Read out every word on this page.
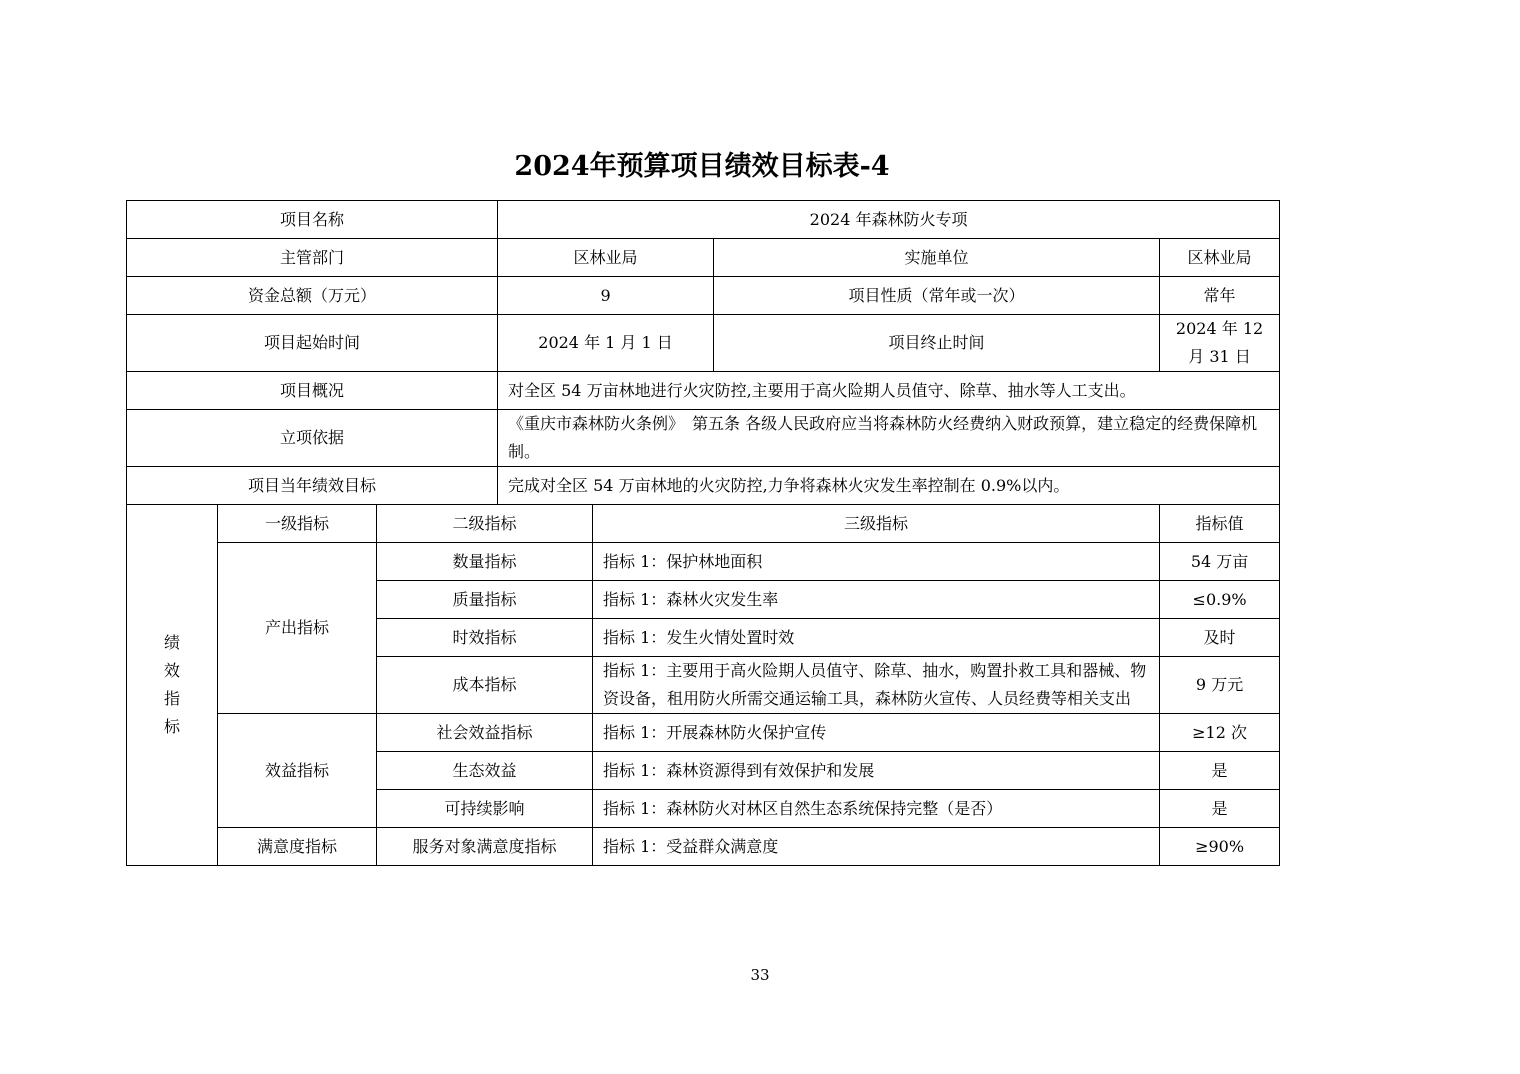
2024年预算项目绩效目标表-4
项目名称			2024 年森林防火专项			
主管部门			区林业局		实施单位	区林业局
资金总额（万元）			9		项目性质（常年或一次）	常年
项目起始时间			2024 年 1 月 1 日		项目终止时间	2024 年 12 月 31 日
项目概况			对全区 54 万亩林地进行火灾防控,主要用于高火险期人员值守、除草、抽水等人工支出。			
立项依据			《重庆市森林防火条例》　第五条 各级人民政府应当将森林防火经费纳入财政预算，建立稳定的经费保障机制。			
项目当年绩效目标			完成对全区 54 万亩林地的火灾防控,力争将森林火灾发生率控制在 0.9%以内。			
绩效指标	一级指标	二级指标		三级指标		指标值
	产出指标	数量指标		指标 1：保护林地面积		54 万亩
		质量指标		指标 1：森林火灾发生率		≤0.9%
		时效指标		指标 1：发生火情处置时效		及时
		成本指标		指标 1：主要用于高火险期人员值守、除草、抽水，购置扑救工具和器械、物资设备，租用防火所需交通运输工具，森林防火宣传、人员经费等相关支出		9 万元
	效益指标	社会效益指标		指标 1：开展森林防火保护宣传		≥12 次
		生态效益		指标 1：森林资源得到有效保护和发展		是
		可持续影响		指标 1：森林防火对林区自然生态系统保持完整（是否）		是
	满意度指标	服务对象满意度指标		指标 1：受益群众满意度		≥90%
33
